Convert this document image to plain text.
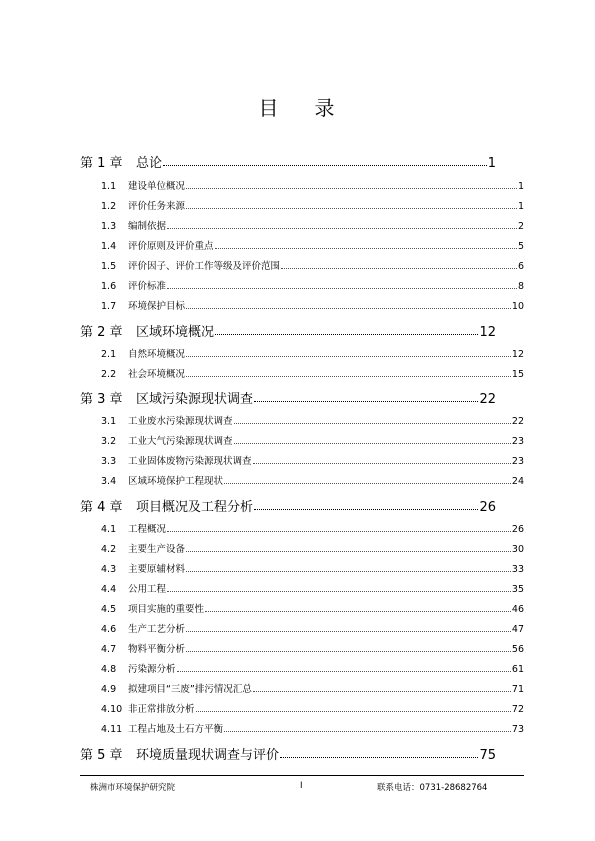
目 录
第 1 章	总论	1
1.1	建设单位概况	1
1.2	评价任务来源	1
1.3	编制依据	2
1.4	评价原则及评价重点	5
1.5	评价因子、评价工作等级及评价范围	6
1.6	评价标准	8
1.7	环境保护目标	10
第 2 章	区域环境概况	12
2.1	自然环境概况	12
2.2	社会环境概况	15
第 3 章	区域污染源现状调查	22
3.1	工业废水污染源现状调查	22
3.2	工业大气污染源现状调查	23
3.3	工业固体废物污染源现状调查	23
3.4	区域环境保护工程现状	24
第 4 章	项目概况及工程分析	26
4.1	工程概况	26
4.2	主要生产设备	30
4.3	主要原辅材料	33
4.4	公用工程	35
4.5	项目实施的重要性	46
4.6	生产工艺分析	47
4.7	物料平衡分析	56
4.8	污染源分析	61
4.9	拟建项目“三废”排污情况汇总	71
4.10 非正常排放分析	72
4.11 工程占地及土石方平衡	73
第 5 章	环境质量现状调查与评价	75
株洲市环境保护研究院	I	联系电话：0731-28682764
